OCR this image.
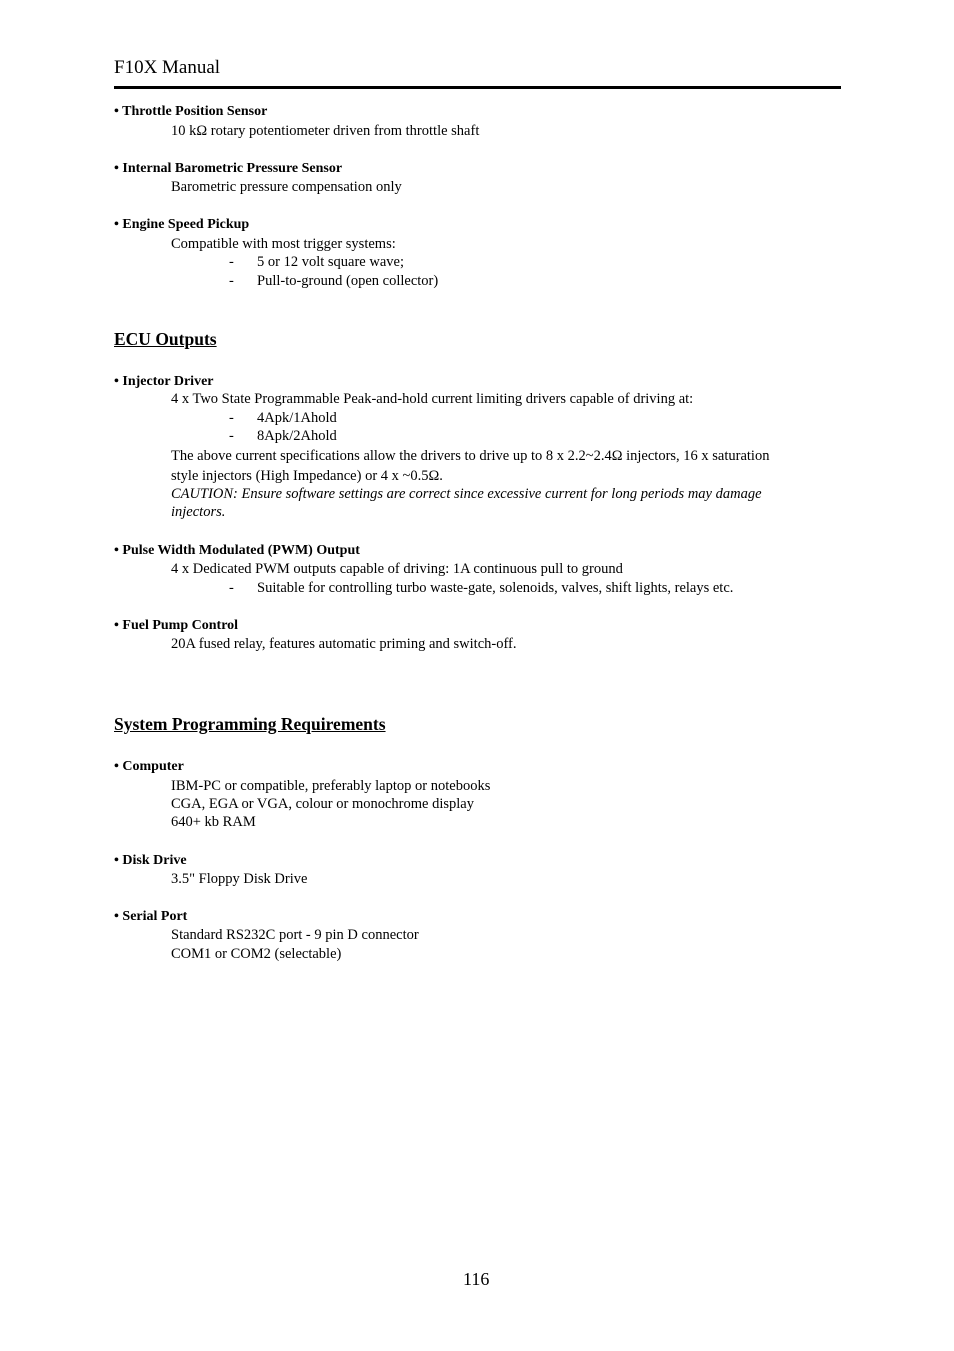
F10X Manual
• Throttle Position Sensor
10 kΩ rotary potentiometer driven from throttle shaft
• Internal Barometric Pressure Sensor
Barometric pressure compensation only
• Engine Speed Pickup
Compatible with most trigger systems:
- 5 or 12 volt square wave;
- Pull-to-ground (open collector)
ECU Outputs
• Injector Driver
4 x Two State Programmable Peak-and-hold current limiting drivers capable of driving at:
- 4Apk/1Ahold
- 8Apk/2Ahold
The above current specifications allow the drivers to drive up to 8 x 2.2~2.4Ω injectors, 16 x saturation
style injectors (High Impedance) or 4 x ~0.5Ω.
CAUTION: Ensure software settings are correct since excessive current for long periods may damage
injectors.
• Pulse Width Modulated (PWM) Output
4 x Dedicated PWM outputs capable of driving: 1A continuous pull to ground
- Suitable for controlling turbo waste-gate, solenoids, valves, shift lights, relays etc.
• Fuel Pump Control
20A fused relay, features automatic priming and switch-off.
System Programming Requirements
• Computer
IBM-PC or compatible, preferably laptop or notebooks
CGA, EGA or VGA, colour or monochrome display
640+ kb RAM
• Disk Drive
3.5" Floppy Disk Drive
• Serial Port
Standard RS232C port - 9 pin D connector
COM1 or COM2 (selectable)
116
